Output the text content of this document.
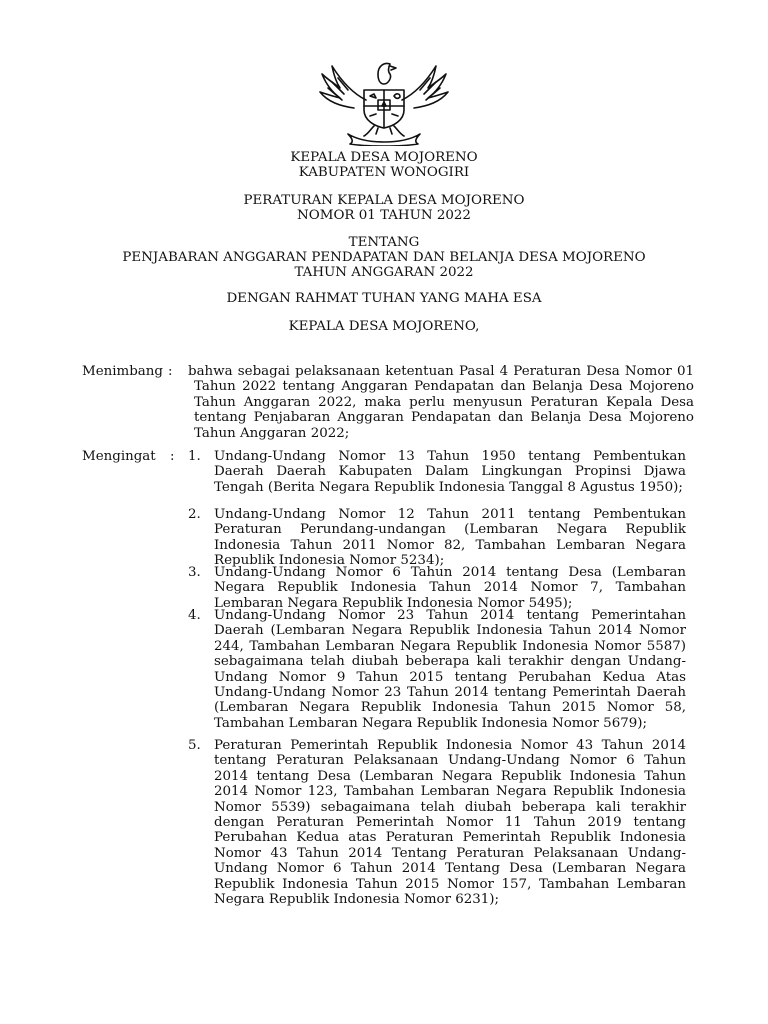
KEPALA DESA MOJORENO
KABUPATEN WONOGIRI
PERATURAN KEPALA DESA MOJORENO
NOMOR 01 TAHUN 2022
TENTANG
PENJABARAN ANGGARAN PENDAPATAN DAN BELANJA DESA MOJORENO
TAHUN ANGGARAN 2022
DENGAN RAHMAT TUHAN YANG MAHA ESA
KEPALA DESA MOJORENO,
Menimbang : bahwa sebagai pelaksanaan ketentuan Pasal 4 Peraturan Desa Nomor 01 Tahun 2022 tentang Anggaran Pendapatan dan Belanja Desa Mojoreno Tahun Anggaran 2022, maka perlu menyusun Peraturan Kepala Desa tentang Penjabaran Anggaran Pendapatan dan Belanja Desa Mojoreno Tahun Anggaran 2022;
Mengingat : 1. Undang-Undang Nomor 13 Tahun 1950 tentang Pembentukan Daerah Daerah Kabupaten Dalam Lingkungan Propinsi Djawa Tengah (Berita Negara Republik Indonesia Tanggal 8 Agustus 1950);
2. Undang-Undang Nomor 12 Tahun 2011 tentang Pembentukan Peraturan Perundang-undangan (Lembaran Negara Republik Indonesia Tahun 2011 Nomor 82, Tambahan Lembaran Negara Republik Indonesia Nomor 5234);
3. Undang-Undang Nomor 6 Tahun 2014 tentang Desa (Lembaran Negara Republik Indonesia Tahun 2014 Nomor 7, Tambahan Lembaran Negara Republik Indonesia Nomor 5495);
4. Undang-Undang Nomor 23 Tahun 2014 tentang Pemerintahan Daerah (Lembaran Negara Republik Indonesia Tahun 2014 Nomor 244, Tambahan Lembaran Negara Republik Indonesia Nomor 5587) sebagaimana telah diubah beberapa kali terakhir dengan Undang-Undang Nomor 9 Tahun 2015 tentang Perubahan Kedua Atas Undang-Undang Nomor 23 Tahun 2014 tentang Pemerintah Daerah (Lembaran Negara Republik Indonesia Tahun 2015 Nomor 58, Tambahan Lembaran Negara Republik Indonesia Nomor 5679);
5. Peraturan Pemerintah Republik Indonesia Nomor 43 Tahun 2014 tentang Peraturan Pelaksanaan Undang-Undang Nomor 6 Tahun 2014 tentang Desa (Lembaran Negara Republik Indonesia Tahun 2014 Nomor 123, Tambahan Lembaran Negara Republik Indonesia Nomor 5539) sebagaimana telah diubah beberapa kali terakhir dengan Peraturan Pemerintah Nomor 11 Tahun 2019 tentang Perubahan Kedua atas Peraturan Pemerintah Republik Indonesia Nomor 43 Tahun 2014 Tentang Peraturan Pelaksanaan Undang-Undang Nomor 6 Tahun 2014 Tentang Desa (Lembaran Negara Republik Indonesia Tahun 2015 Nomor 157, Tambahan Lembaran Negara Republik Indonesia Nomor 6231);
